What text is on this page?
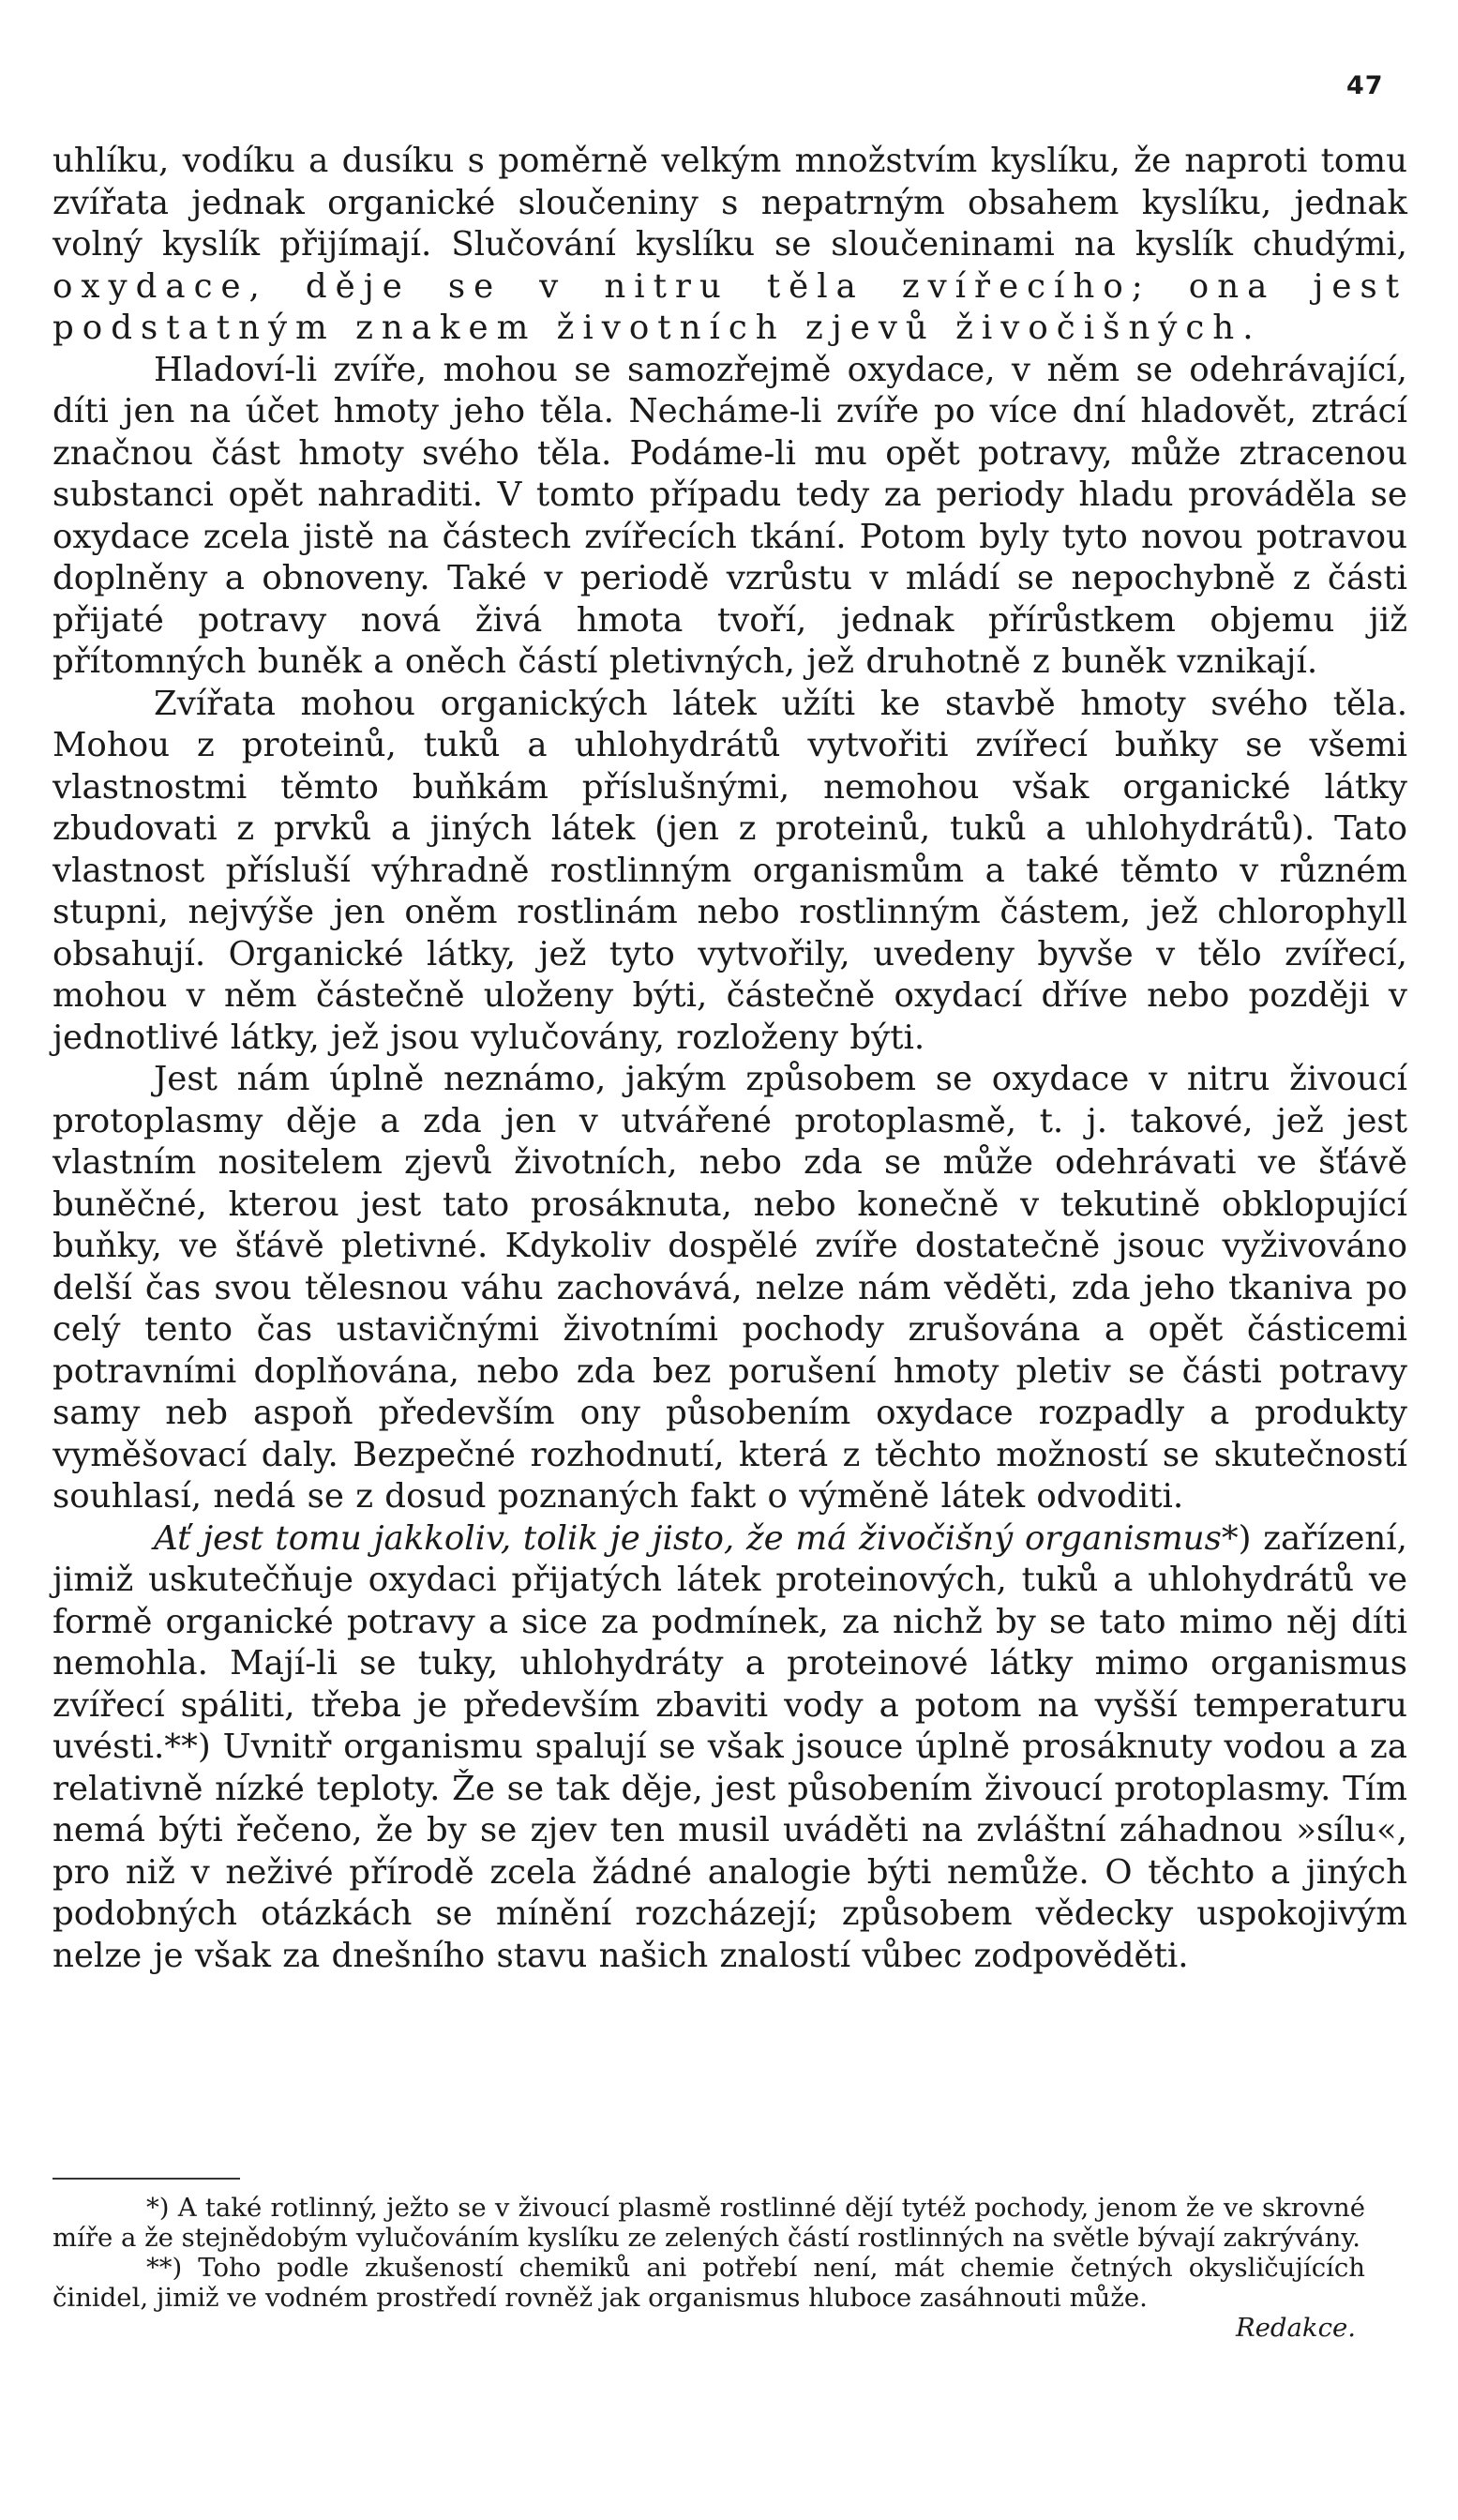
47

uhlíku, vodíku a dusíku s poměrně velkým množstvím kyslíku, že naproti tomu zvířata jednak organické sloučeniny s nepatrným obsahem kyslíku, jednak volný kyslík přijímají. Slučování kyslíku se sloučeninami na kyslík chudými, oxydace, děje se v nitru těla zvířecího; ona jest podstatným znakem životních zjevů živočišných.

Hladoví-li zvíře, mohou se samozřejmě oxydace, v něm se odehrávající, díti jen na účet hmoty jeho těla. Necháme-li zvíře po více dní hladovět, ztrácí značnou část hmoty svého těla. Podáme-li mu opět potravy, může ztracenou substanci opět nahraditi. V tomto případu tedy za periody hladu prováděla se oxydace zcela jistě na částech zvířecích tkání. Potom byly tyto novou potravou doplněny a obnoveny. Také v periodě vzrůstu v mládí se nepochybně z části přijaté potravy nová živá hmota tvoří, jednak přírůstkem objemu již přítomných buněk a oněch částí pletivných, jež druhotně z buněk vznikají.

Zvířata mohou organických látek užíti ke stavbě hmoty svého těla. Mohou z proteinů, tuků a uhlohydrátů vytvořiti zvířecí buňky se všemi vlastnostmi těmto buňkám příslušnými, nemohou však organické látky zbudovati z prvků a jiných látek (jen z proteinů, tuků a uhlohydrátů). Tato vlastnost přísluší výhradně rostlinným organismům a také těmto v různém stupni, nejvýše jen oněm rostlinám nebo rostlinným částem, jež chlorophyll obsahují. Organické látky, jež tyto vytvořily, uvedeny byvše v tělo zvířecí, mohou v něm částečně uloženy býti, částečně oxydací dříve nebo později v jednotlivé látky, jež jsou vylučovány, rozloženy býti.

Jest nám úplně neznámo, jakým způsobem se oxydace v nitru živoucí protoplasmy děje a zda jen v utvářené protoplasmě, t. j. takové, jež jest vlastním nositelem zjevů životních, nebo zda se může odehrávati ve šťávě buněčné, kterou jest tato prosáknuta, nebo konečně v tekutině obklopující buňky, ve šťávě pletivné. Kdykoliv dospělé zvíře dostatečně jsouc vyživováno delší čas svou tělesnou váhu zachovává, nelze nám věděti, zda jeho tkaniva po celý tento čas ustavičnými životními pochody zrušována a opět částicemi potravními doplňována, nebo zda bez porušení hmoty pletiv se části potravy samy neb aspoň především ony působením oxydace rozpadly a produkty vyměšovací daly. Bezpečné rozhodnutí, která z těchto možností se skutečností souhlasí, nedá se z dosud poznaných fakt o výměně látek odvoditi.

Ať jest tomu jakkoliv, tolik je jisto, že má živočišný organismus*) zařízení, jimiž uskutečňuje oxydaci přijatých látek proteinových, tuků a uhlohydrátů ve formě organické potravy a sice za podmínek, za nichž by se tato mimo něj díti nemohla. Mají-li se tuky, uhlohydráty a proteinové látky mimo organismus zvířecí spáliti, třeba je především zbaviti vody a potom na vyšší temperaturu uvésti.**) Uvnitř organismu spalují se však jsouce úplně prosáknuty vodou a za relativně nízké teploty. Že se tak děje, jest působením živoucí protoplasmy. Tím nemá býti řečeno, že by se zjev ten musil uváděti na zvláštní záhadnou »sílu«, pro niž v neživé přírodě zcela žádné analogie býti nemůže. O těchto a jiných podobných otázkách se mínění rozcházejí; způsobem vědecky uspokojivým nelze je však za dnešního stavu našich znalostí vůbec zodpověděti.

*) A také rotlinný, ježto se v živoucí plasmě rostlinné dějí tytéž pochody, jenom že ve skrovné míře a že stejnědobým vylučováním kyslíku ze zelených částí rostlinných na světle bývají zakrývány.

**) Toho podle zkušeností chemiků ani potřebí není, mát chemie četných okysličujících činidel, jimiž ve vodném prostředí rovněž jak organismus hluboce zasáhnouti může.
Redakce.
